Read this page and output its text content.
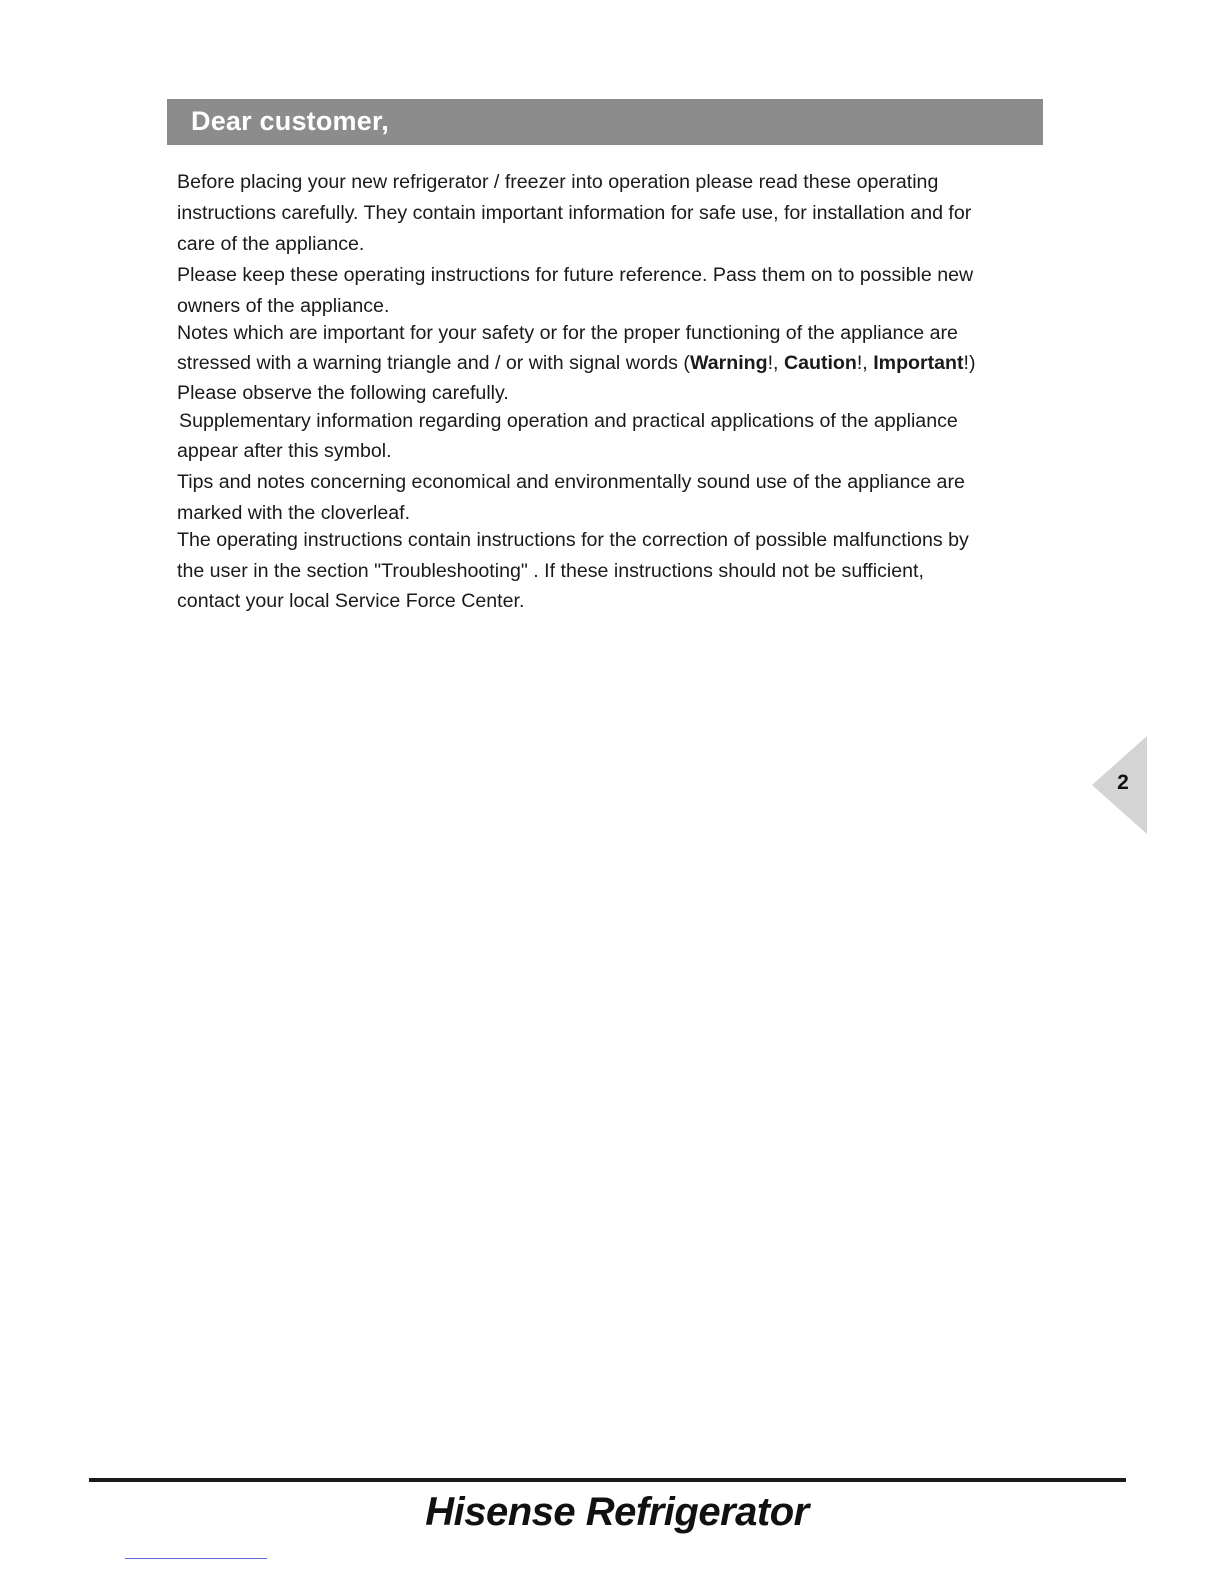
Dear customer,

Before placing your new refrigerator / freezer into operation please read these operating

instructions carefully. They contain important information for safe use, for installation and for

care of the appliance.

Please keep these operating instructions for future reference. Pass them on to possible new

owners of the appliance.

Notes which are important for your safety or for the proper functioning of the appliance are

stressed with a warning triangle and / or with signal words (Warning!, Caution!, Important!)

Please observe the following carefully.

Supplementary information regarding operation and practical applications of the appliance

appear after this symbol.

Tips and notes concerning economical and environmentally sound use of the appliance are

marked with the cloverleaf.

The operating instructions contain instructions for the correction of possible malfunctions by

the user in the section "Troubleshooting" . If these instructions should not be sufficient,

contact your local Service Force Center.

2
Hisense Refrigerator
